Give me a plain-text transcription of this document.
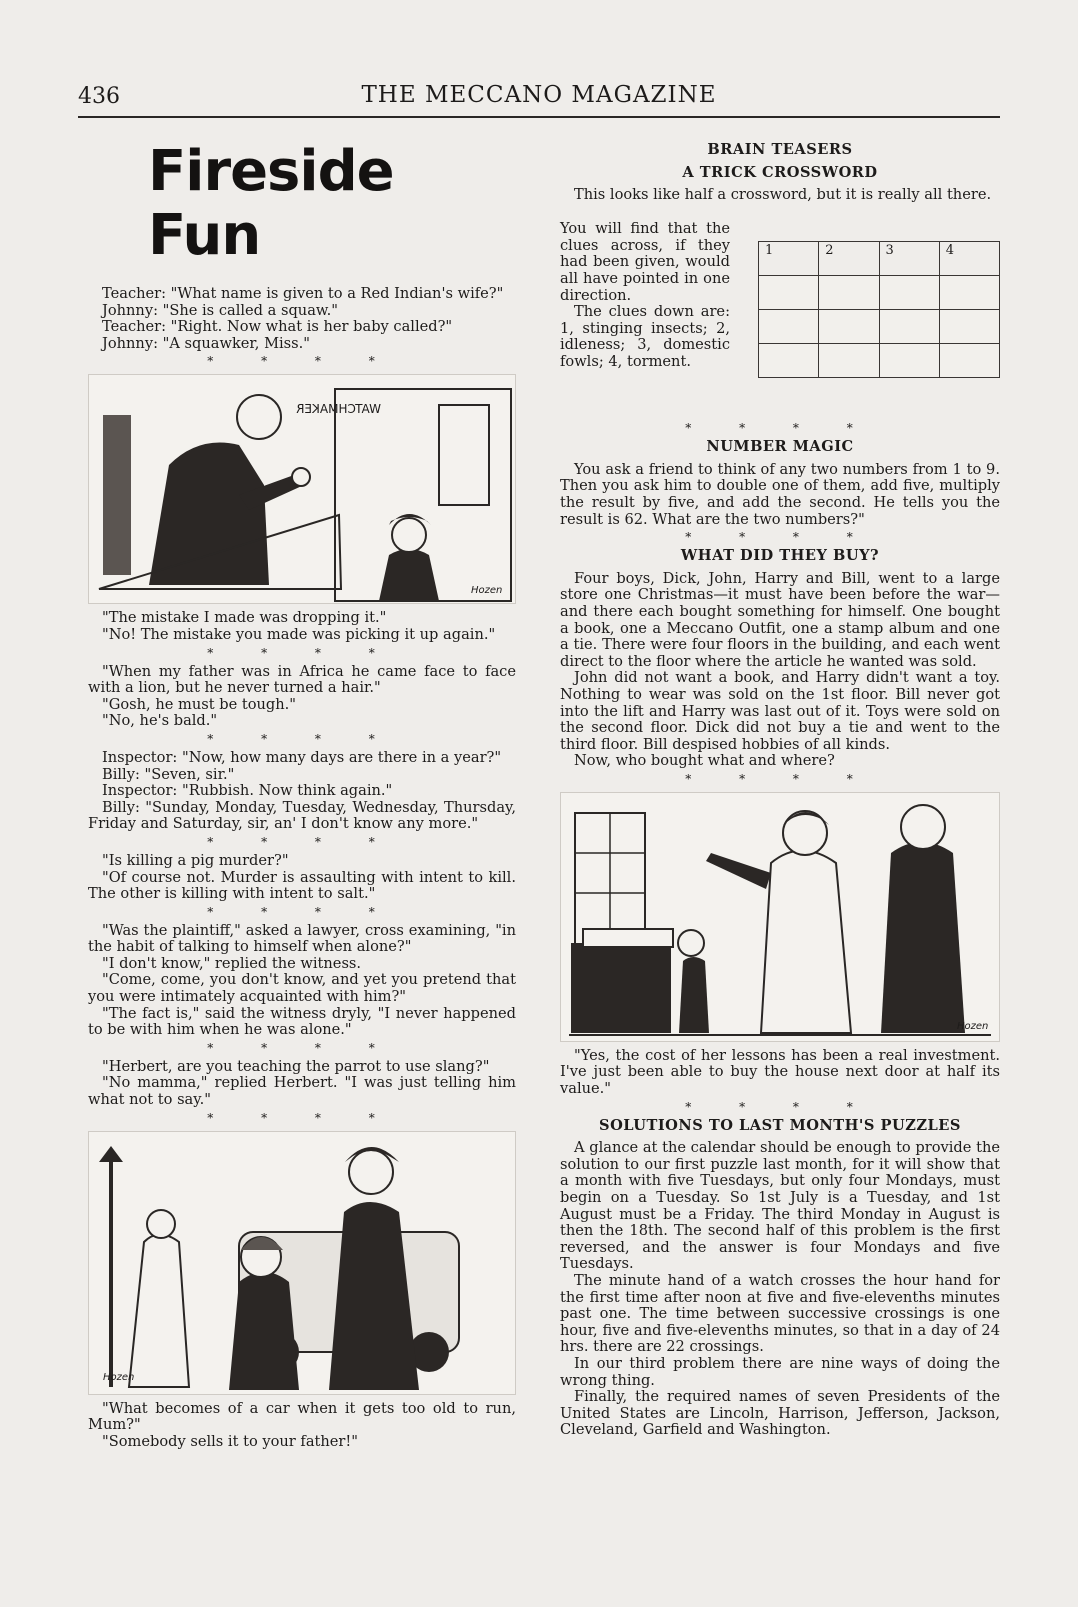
436	THE MECCANO MAGAZINE
Fireside Fun

Teacher: "What name is given to a Red Indian's wife?"

Johnny: "She is called a squaw."

Teacher: "Right. Now what is her baby called?"

Johnny: "A squawker, Miss."

* * * *
WATCHMAKER
Hozen

"The mistake I made was dropping it."

"No! The mistake you made was picking it up again."

* * * *

"When my father was in Africa he came face to face with a lion, but he never turned a hair."

"Gosh, he must be tough."

"No, he's bald."

* * * *

Inspector: "Now, how many days are there in a year?"

Billy: "Seven, sir."

Inspector: "Rubbish. Now think again."

Billy: "Sunday, Monday, Tuesday, Wednesday, Thursday, Friday and Saturday, sir, an' I don't know any more."

* * * *

"Is killing a pig murder?"

"Of course not. Murder is assaulting with intent to kill. The other is killing with intent to salt."

* * * *

"Was the plaintiff," asked a lawyer, cross examining, "in the habit of talking to himself when alone?"

"I don't know," replied the witness.

"Come, come, you don't know, and yet you pretend that you were intimately acquainted with him?"

"The fact is," said the witness dryly, "I never happened to be with him when he was alone."

* * * *

"Herbert, are you teaching the parrot to use slang?"

"No mamma," replied Herbert. "I was just telling him what not to say."

* * * *
Hozen

"What becomes of a car when it gets too old to run, Mum?"

"Somebody sells it to your father!"

BRAIN TEASERS
A TRICK CROSSWORD

This looks like half a crossword, but it is really all there.

You will find that the clues across, if they had been given, would all have pointed in one direction.

The clues down are: 1, stinging insects; 2, idleness; 3, domestic fowls; 4, torment.

1	2	3	4

* * * *
NUMBER MAGIC

You ask a friend to think of any two numbers from 1 to 9. Then you ask him to double one of them, add five, multiply the result by five, and add the second. He tells you the result is 62. What are the two numbers?"

* * * *
WHAT DID THEY BUY?

Four boys, Dick, John, Harry and Bill, went to a large store one Christmas—it must have been before the war—and there each bought something for himself. One bought a book, one a Meccano Outfit, one a stamp album and one a tie. There were four floors in the building, and each went direct to the floor where the article he wanted was sold.

John did not want a book, and Harry didn't want a toy. Nothing to wear was sold on the 1st floor. Bill never got into the lift and Harry was last out of it. Toys were sold on the second floor. Dick did not buy a tie and went to the third floor. Bill despised hobbies of all kinds.

Now, who bought what and where?

* * * *
Hozen

"Yes, the cost of her lessons has been a real investment. I've just been able to buy the house next door at half its value."

* * * *
SOLUTIONS TO LAST MONTH'S PUZZLES

A glance at the calendar should be enough to provide the solution to our first puzzle last month, for it will show that a month with five Tuesdays, but only four Mondays, must begin on a Tuesday. So 1st July is a Tuesday, and 1st August must be a Friday. The third Monday in August is then the 18th. The second half of this problem is the first reversed, and the answer is four Mondays and five Tuesdays.

The minute hand of a watch crosses the hour hand for the first time after noon at five and five-elevenths minutes past one. The time between successive crossings is one hour, five and five-elevenths minutes, so that in a day of 24 hrs. there are 22 crossings.

In our third problem there are nine ways of doing the wrong thing.

Finally, the required names of seven Presidents of the United States are Lincoln, Harrison, Jefferson, Jackson, Cleveland, Garfield and Washington.
